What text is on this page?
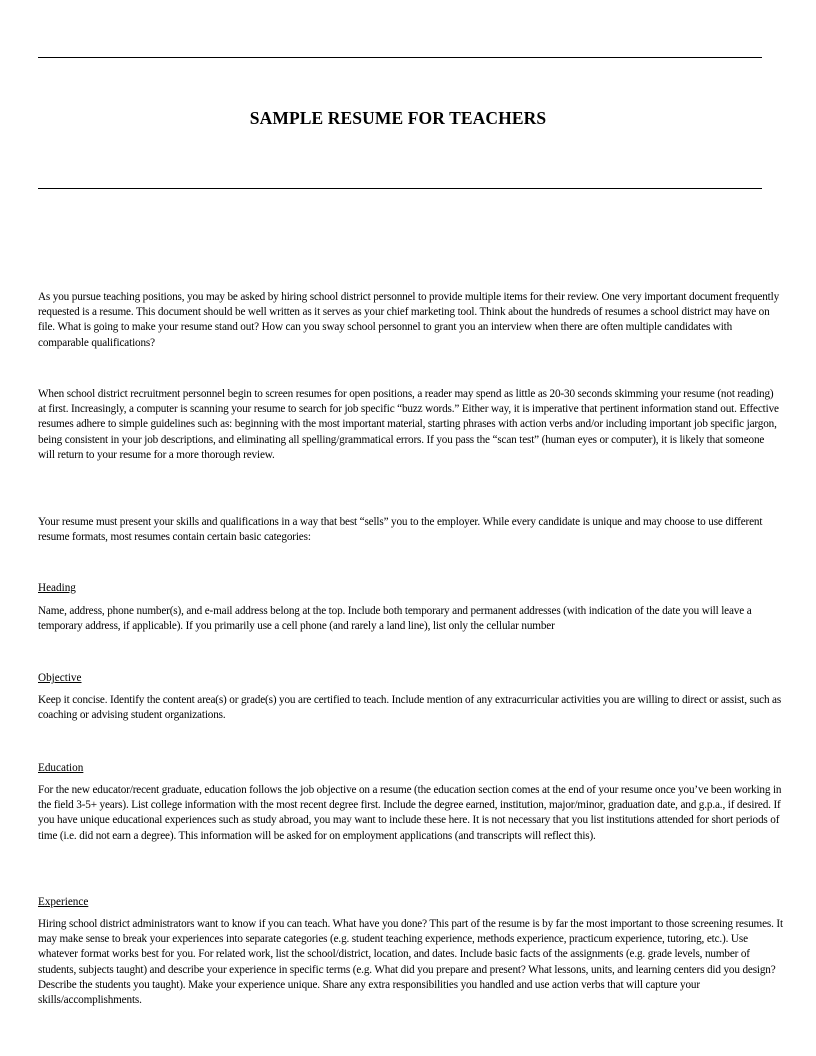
SAMPLE RESUME FOR TEACHERS

As you pursue teaching positions, you may be asked by hiring school district personnel to provide multiple items for their review. One very important document frequently requested is a resume. This document should be well written as it serves as your chief marketing tool. Think about the hundreds of resumes a school district may have on file. What is going to make your resume stand out? How can you sway school personnel to grant you an interview when there are often multiple candidates with comparable qualifications?

When school district recruitment personnel begin to screen resumes for open positions, a reader may spend as little as 20-30 seconds skimming your resume (not reading) at first. Increasingly, a computer is scanning your resume to search for job specific “buzz words.” Either way, it is imperative that pertinent information stand out. Effective resumes adhere to simple guidelines such as: beginning with the most important material, starting phrases with action verbs and/or including important job specific jargon, being consistent in your job descriptions, and eliminating all spelling/grammatical errors. If you pass the “scan test” (human eyes or computer), it is likely that someone will return to your resume for a more thorough review.

Your resume must present your skills and qualifications in a way that best “sells” you to the employer. While every candidate is unique and may choose to use different resume formats, most resumes contain certain basic categories:

Heading

Name, address, phone number(s), and e-mail address belong at the top. Include both temporary and permanent addresses (with indication of the date you will leave a temporary address, if applicable). If you primarily use a cell phone (and rarely a land line), list only the cellular number

Objective

Keep it concise. Identify the content area(s) or grade(s) you are certified to teach. Include mention of any extracurricular activities you are willing to direct or assist, such as coaching or advising student organizations.

Education

For the new educator/recent graduate, education follows the job objective on a resume (the education section comes at the end of your resume once you’ve been working in the field 3-5+ years). List college information with the most recent degree first. Include the degree earned, institution, major/minor, graduation date, and g.p.a., if desired. If you have unique educational experiences such as study abroad, you may want to include these here. It is not necessary that you list institutions attended for short periods of time (i.e. did not earn a degree). This information will be asked for on employment applications (and transcripts will reflect this).

Experience

Hiring school district administrators want to know if you can teach. What have you done? This part of the resume is by far the most important to those screening resumes. It may make sense to break your experiences into separate categories (e.g. student teaching experience, methods experience, practicum experience, tutoring, etc.). Use whatever format works best for you. For related work, list the school/district, location, and dates. Include basic facts of the assignments (e.g. grade levels, number of students, subjects taught) and describe your experience in specific terms (e.g. What did you prepare and present? What lessons, units, and learning centers did you design? Describe the students you taught). Make your experience unique. Share any extra responsibilities you handled and use action verbs that will capture your skills/accomplishments.
